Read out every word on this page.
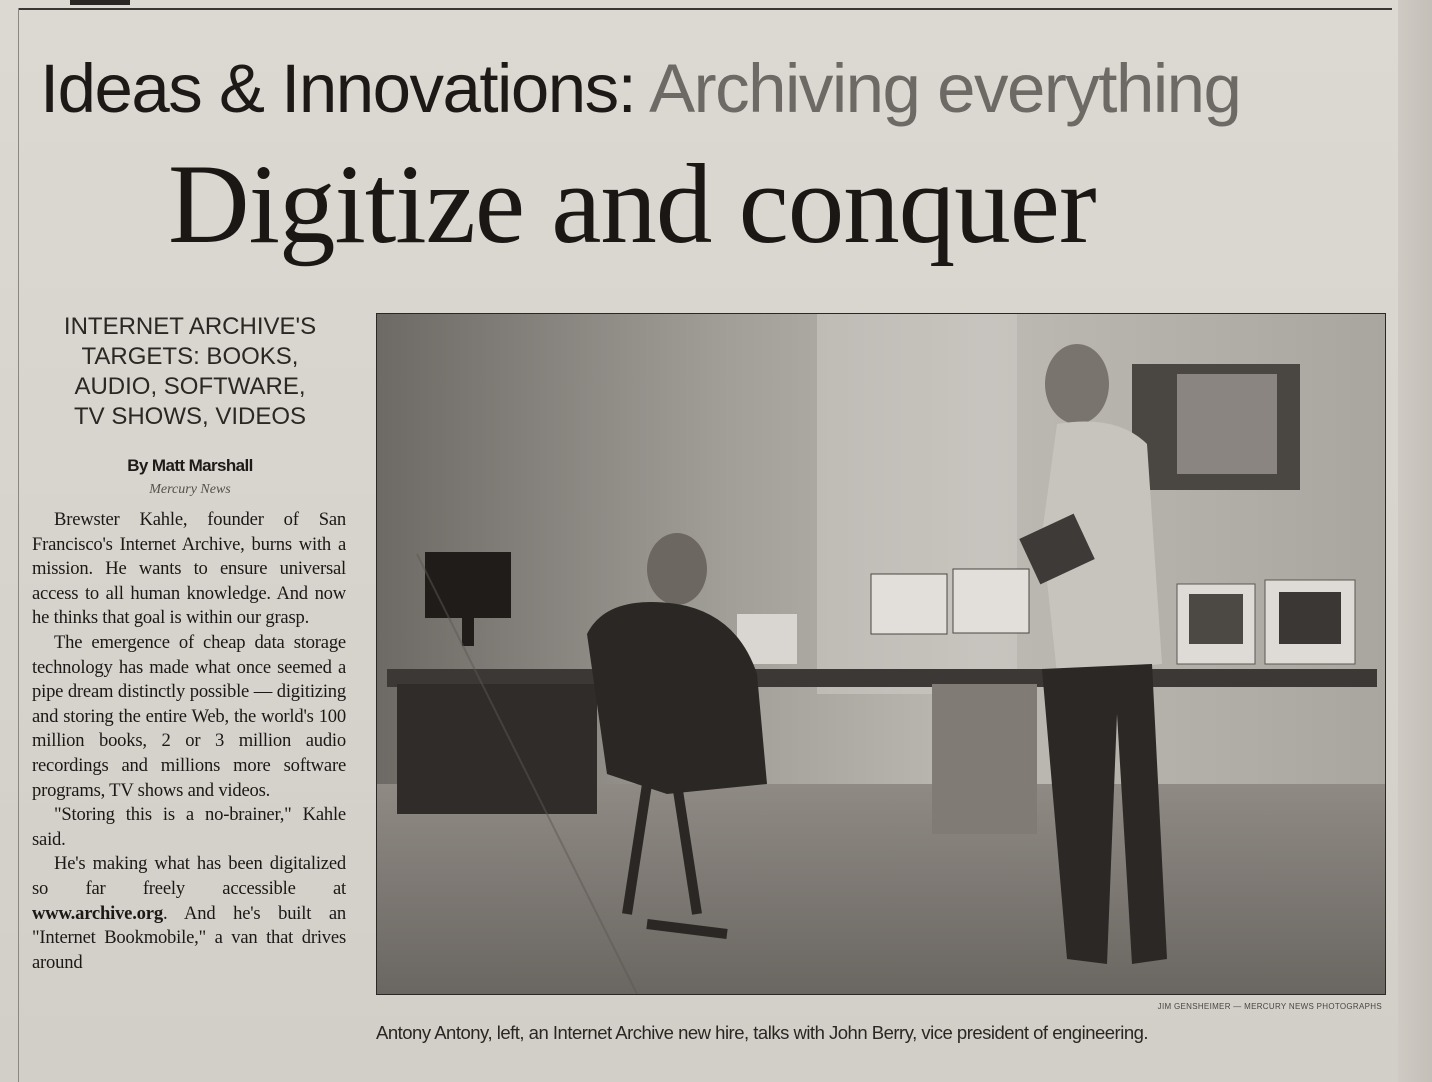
Ideas & Innovations: Archiving everything
Digitize and conquer
INTERNET ARCHIVE'S
TARGETS: BOOKS,
AUDIO, SOFTWARE,
TV SHOWS, VIDEOS
By Matt Marshall
Mercury News

Brewster Kahle, founder of San Francisco's Internet Archive, burns with a mission. He wants to ensure universal access to all human knowledge. And now he thinks that goal is within our grasp.

The emergence of cheap data storage technology has made what once seemed a pipe dream distinctly possible — digitizing and storing the entire Web, the world's 100 million books, 2 or 3 million audio recordings and millions more software programs, TV shows and videos.

"Storing this is a no-brainer," Kahle said.

He's making what has been digitalized so far freely accessible at www.archive.org. And he's built an "Internet Bookmobile," a van that drives around

JIM GENSHEIMER — MERCURY NEWS PHOTOGRAPHS
Antony Antony, left, an Internet Archive new hire, talks with John Berry, vice president of engineering.
